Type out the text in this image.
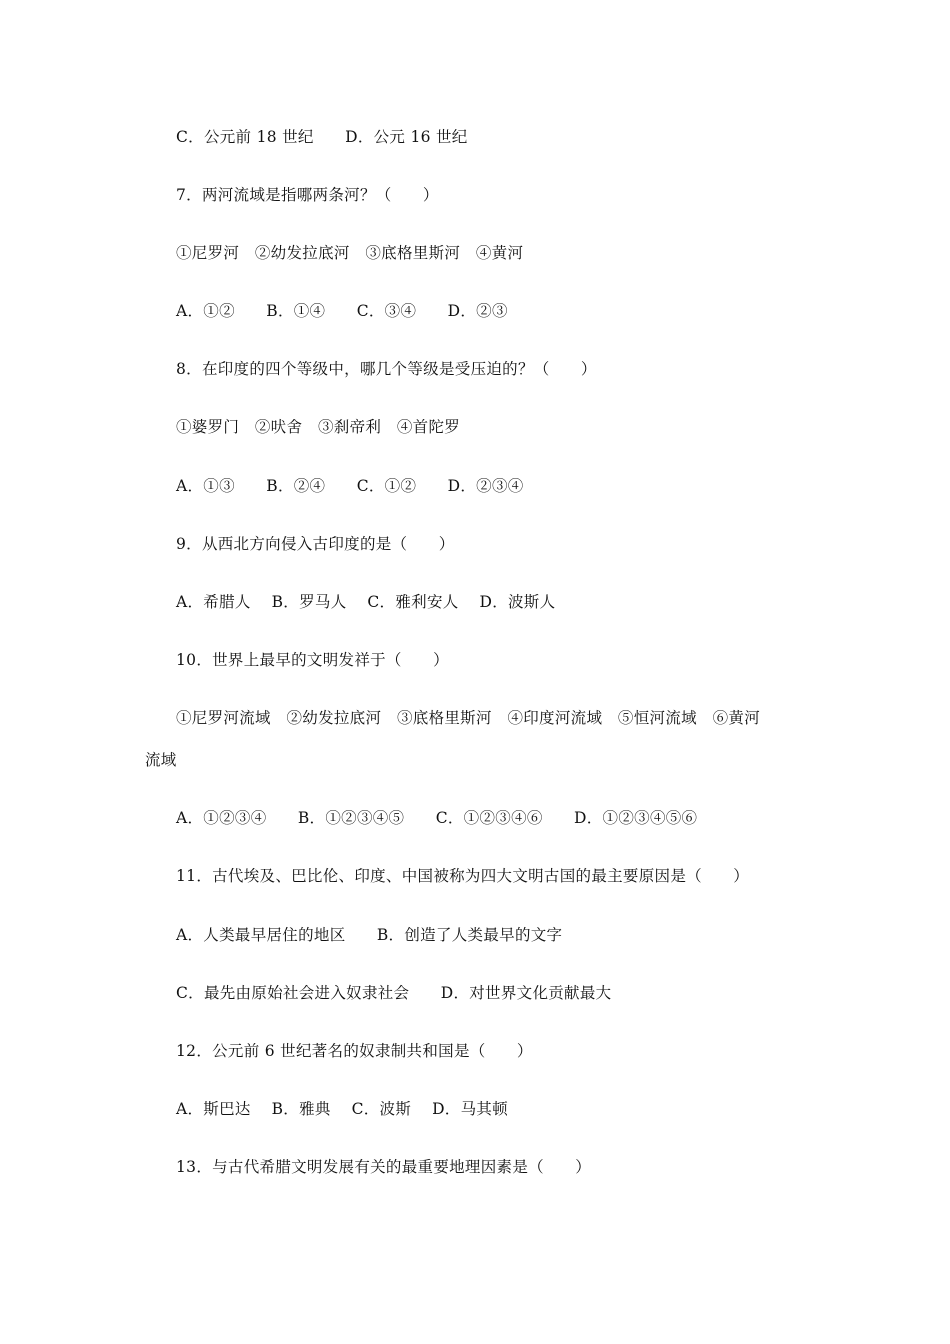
C．公元前 18 世纪      D．公元 16 世纪
7．两河流域是指哪两条河？（      ）
①尼罗河   ②幼发拉底河   ③底格里斯河   ④黄河
A．①②      B．①④      C．③④      D．②③
8．在印度的四个等级中，哪几个等级是受压迫的？（      ）
①婆罗门   ②吠舍   ③刹帝利   ④首陀罗
A．①③      B．②④      C．①②      D．②③④
9．从西北方向侵入古印度的是（      ）
A．希腊人    B．罗马人    C．雅利安人    D．波斯人
10．世界上最早的文明发祥于（      ）
①尼罗河流域   ②幼发拉底河   ③底格里斯河   ④印度河流域   ⑤恒河流域   ⑥黄河
流域
A．①②③④      B．①②③④⑤      C．①②③④⑥      D．①②③④⑤⑥
11．古代埃及、巴比伦、印度、中国被称为四大文明古国的最主要原因是（      ）
A．人类最早居住的地区      B．创造了人类最早的文字
C．最先由原始社会进入奴隶社会      D．对世界文化贡献最大
12．公元前 6 世纪著名的奴隶制共和国是（      ）
A．斯巴达    B．雅典    C．波斯    D．马其顿
13．与古代希腊文明发展有关的最重要地理因素是（      ）
